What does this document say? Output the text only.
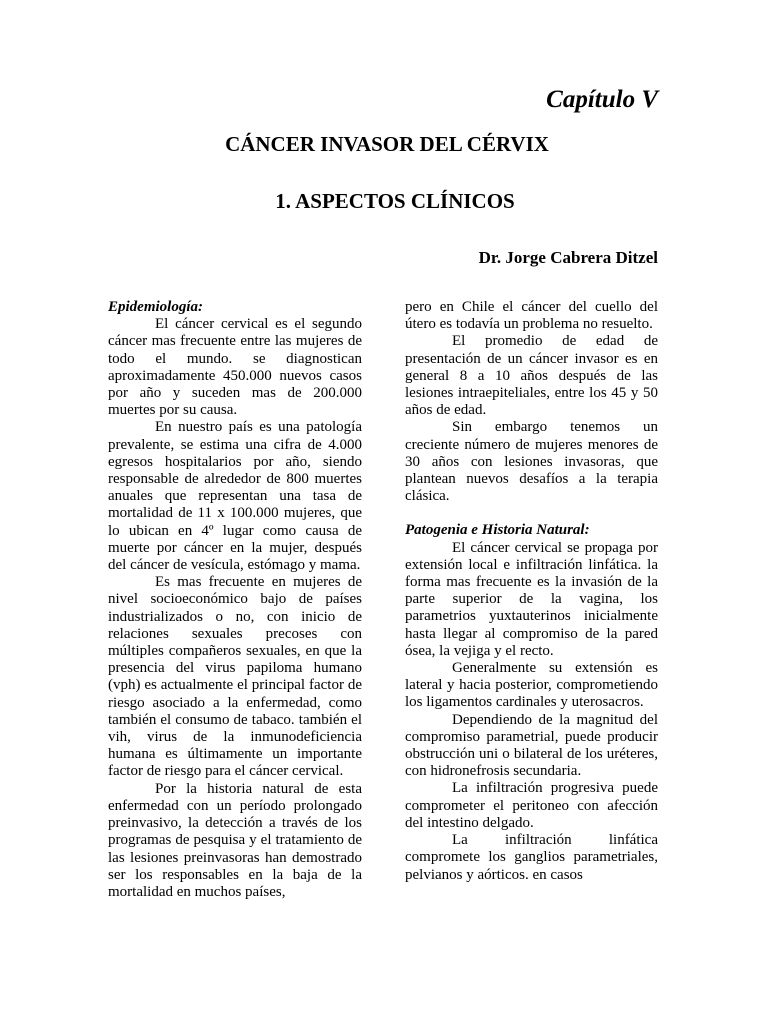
Capítulo V
CÁNCER INVASOR DEL CÉRVIX
1. ASPECTOS CLÍNICOS
Dr. Jorge Cabrera Ditzel
Epidemiología:

El cáncer cervical es el segundo cáncer mas frecuente entre las mujeres de todo el mundo. se diagnostican aproximadamente 450.000 nuevos casos por año y suceden mas de 200.000 muertes por su causa.

En nuestro país es una patología prevalente, se estima una cifra de 4.000 egresos hospitalarios por año, siendo responsable de alrededor de 800 muertes anuales que representan una tasa de mortalidad de 11 x 100.000 mujeres, que lo ubican en 4º lugar como causa de muerte por cáncer en la mujer, después del cáncer de vesícula, estómago y mama.

Es mas frecuente en mujeres de nivel socioeconómico bajo de países industrializados o no, con inicio de relaciones sexuales precoses con múltiples compañeros sexuales, en que la presencia del virus papiloma humano (vph) es actualmente el principal factor de riesgo asociado a la enfermedad, como también el consumo de tabaco. también el vih, virus de la inmunodeficiencia humana es últimamente un importante factor de riesgo para el cáncer cervical.

Por la historia natural de esta enfermedad con un período prolongado preinvasivo, la detección a través de los programas de pesquisa y el tratamiento de las lesiones preinvasoras han demostrado ser los responsables en la baja de la mortalidad en muchos países,

pero en Chile el cáncer del cuello del útero es todavía un problema no resuelto.

El promedio de edad de presentación de un cáncer invasor es en general 8 a 10 años después de las lesiones intraepiteliales, entre los 45 y 50 años de edad.

Sin embargo tenemos un creciente número de mujeres menores de 30 años con lesiones invasoras, que plantean nuevos desafíos a la terapia clásica.

Patogenia e Historia Natural:

El cáncer cervical se propaga por extensión local e infiltración linfática. la forma mas frecuente es la invasión de la parte superior de la vagina, los parametrios yuxtauterinos inicialmente hasta llegar al compromiso de la pared ósea, la vejiga y el recto.

Generalmente su extensión es lateral y hacia posterior, comprometiendo los ligamentos cardinales y uterosacros.

Dependiendo de la magnitud del compromiso parametrial, puede producir obstrucción uni o bilateral de los uréteres, con hidronefrosis secundaria.

La infiltración progresiva puede comprometer el peritoneo con afección del intestino delgado.

La infiltración linfática compromete los ganglios parametriales, pelvianos y aórticos. en casos
